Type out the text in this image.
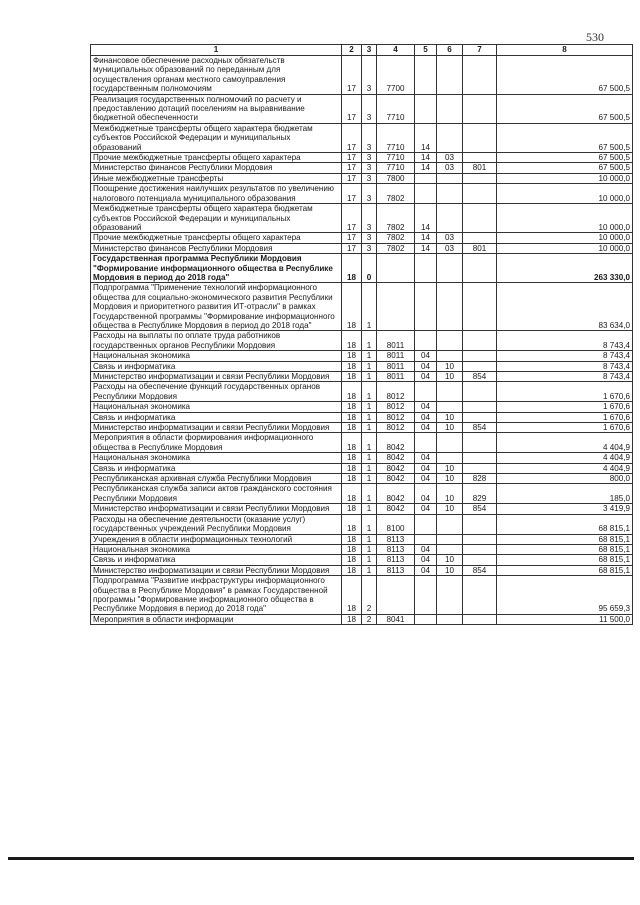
530
1	2	3	4	5	6	7	8
Финансовое обеспечение расходных обязательств муниципальных образований по переданным для осуществления органам местного самоуправления государственным полномочиям	17	3	7700				67 500,5
Реализация государственных полномочий по расчету и предоставлению дотаций поселениям на выравнивание бюджетной обеспеченности	17	3	7710				67 500,5
Межбюджетные трансферты общего характера бюджетам субъектов Российской Федерации и муниципальных образований	17	3	7710	14			67 500,5
Прочие межбюджетные трансферты общего характера	17	3	7710	14	03		67 500,5
Министерство финансов Республики Мордовия	17	3	7710	14	03	801	67 500,5
Иные межбюджетные трансферты	17	3	7800				10 000,0
Поощрение достижения наилучших результатов по увеличению налогового потенциала муниципального образования	17	3	7802				10 000,0
Межбюджетные трансферты общего характера бюджетам субъектов Российской Федерации и муниципальных образований	17	3	7802	14			10 000,0
Прочие межбюджетные трансферты общего характера	17	3	7802	14	03		10 000,0
Министерство финансов Республики Мордовия	17	3	7802	14	03	801	10 000,0
Государственная программа Республики Мордовия "Формирование информационного общества в Республике Мордовия в период до 2018 года"	18	0					263 330,0
Подпрограмма "Применение технологий информационного общества для социально-экономического развития Республики Мордовия и приоритетного развития ИТ-отрасли" в рамках Государственной программы "Формирование информационного общества в Республике Мордовия в период до 2018 года"	18	1					83 634,0
Расходы на выплаты по оплате труда работников государственных органов Республики Мордовия	18	1	8011				8 743,4
Национальная экономика	18	1	8011	04			8 743,4
Связь и информатика	18	1	8011	04	10		8 743,4
Министерство информатизации и связи Республики Мордовия	18	1	8011	04	10	854	8 743,4
Расходы на обеспечение функций государственных органов Республики Мордовия	18	1	8012				1 670,6
Национальная экономика	18	1	8012	04			1 670,6
Связь и информатика	18	1	8012	04	10		1 670,6
Министерство информатизации и связи Республики Мордовия	18	1	8012	04	10	854	1 670,6
Мероприятия в области формирования информационного общества в Республике Мордовия	18	1	8042				4 404,9
Национальная экономика	18	1	8042	04			4 404,9
Связь и информатика	18	1	8042	04	10		4 404,9
Республиканская архивная служба Республики Мордовия	18	1	8042	04	10	828	800,0
Республиканская служба записи актов гражданского состояния Республики Мордовия	18	1	8042	04	10	829	185,0
Министерство информатизации и связи Республики Мордовия	18	1	8042	04	10	854	3 419,9
Расходы на обеспечение деятельности (оказание услуг) государственных учреждений Республики Мордовия	18	1	8100				68 815,1
Учреждения в области информационных технологий	18	1	8113				68 815,1
Национальная экономика	18	1	8113	04			68 815,1
Связь и информатика	18	1	8113	04	10		68 815,1
Министерство информатизации и связи Республики Мордовия	18	1	8113	04	10	854	68 815,1
Подпрограмма "Развитие инфраструктуры информационного общества в Республике Мордовия" в рамках Государственной программы "Формирование информационного общества в Республике Мордовия в период до 2018 года"	18	2					95 659,3
Мероприятия в области информации	18	2	8041				11 500,0
